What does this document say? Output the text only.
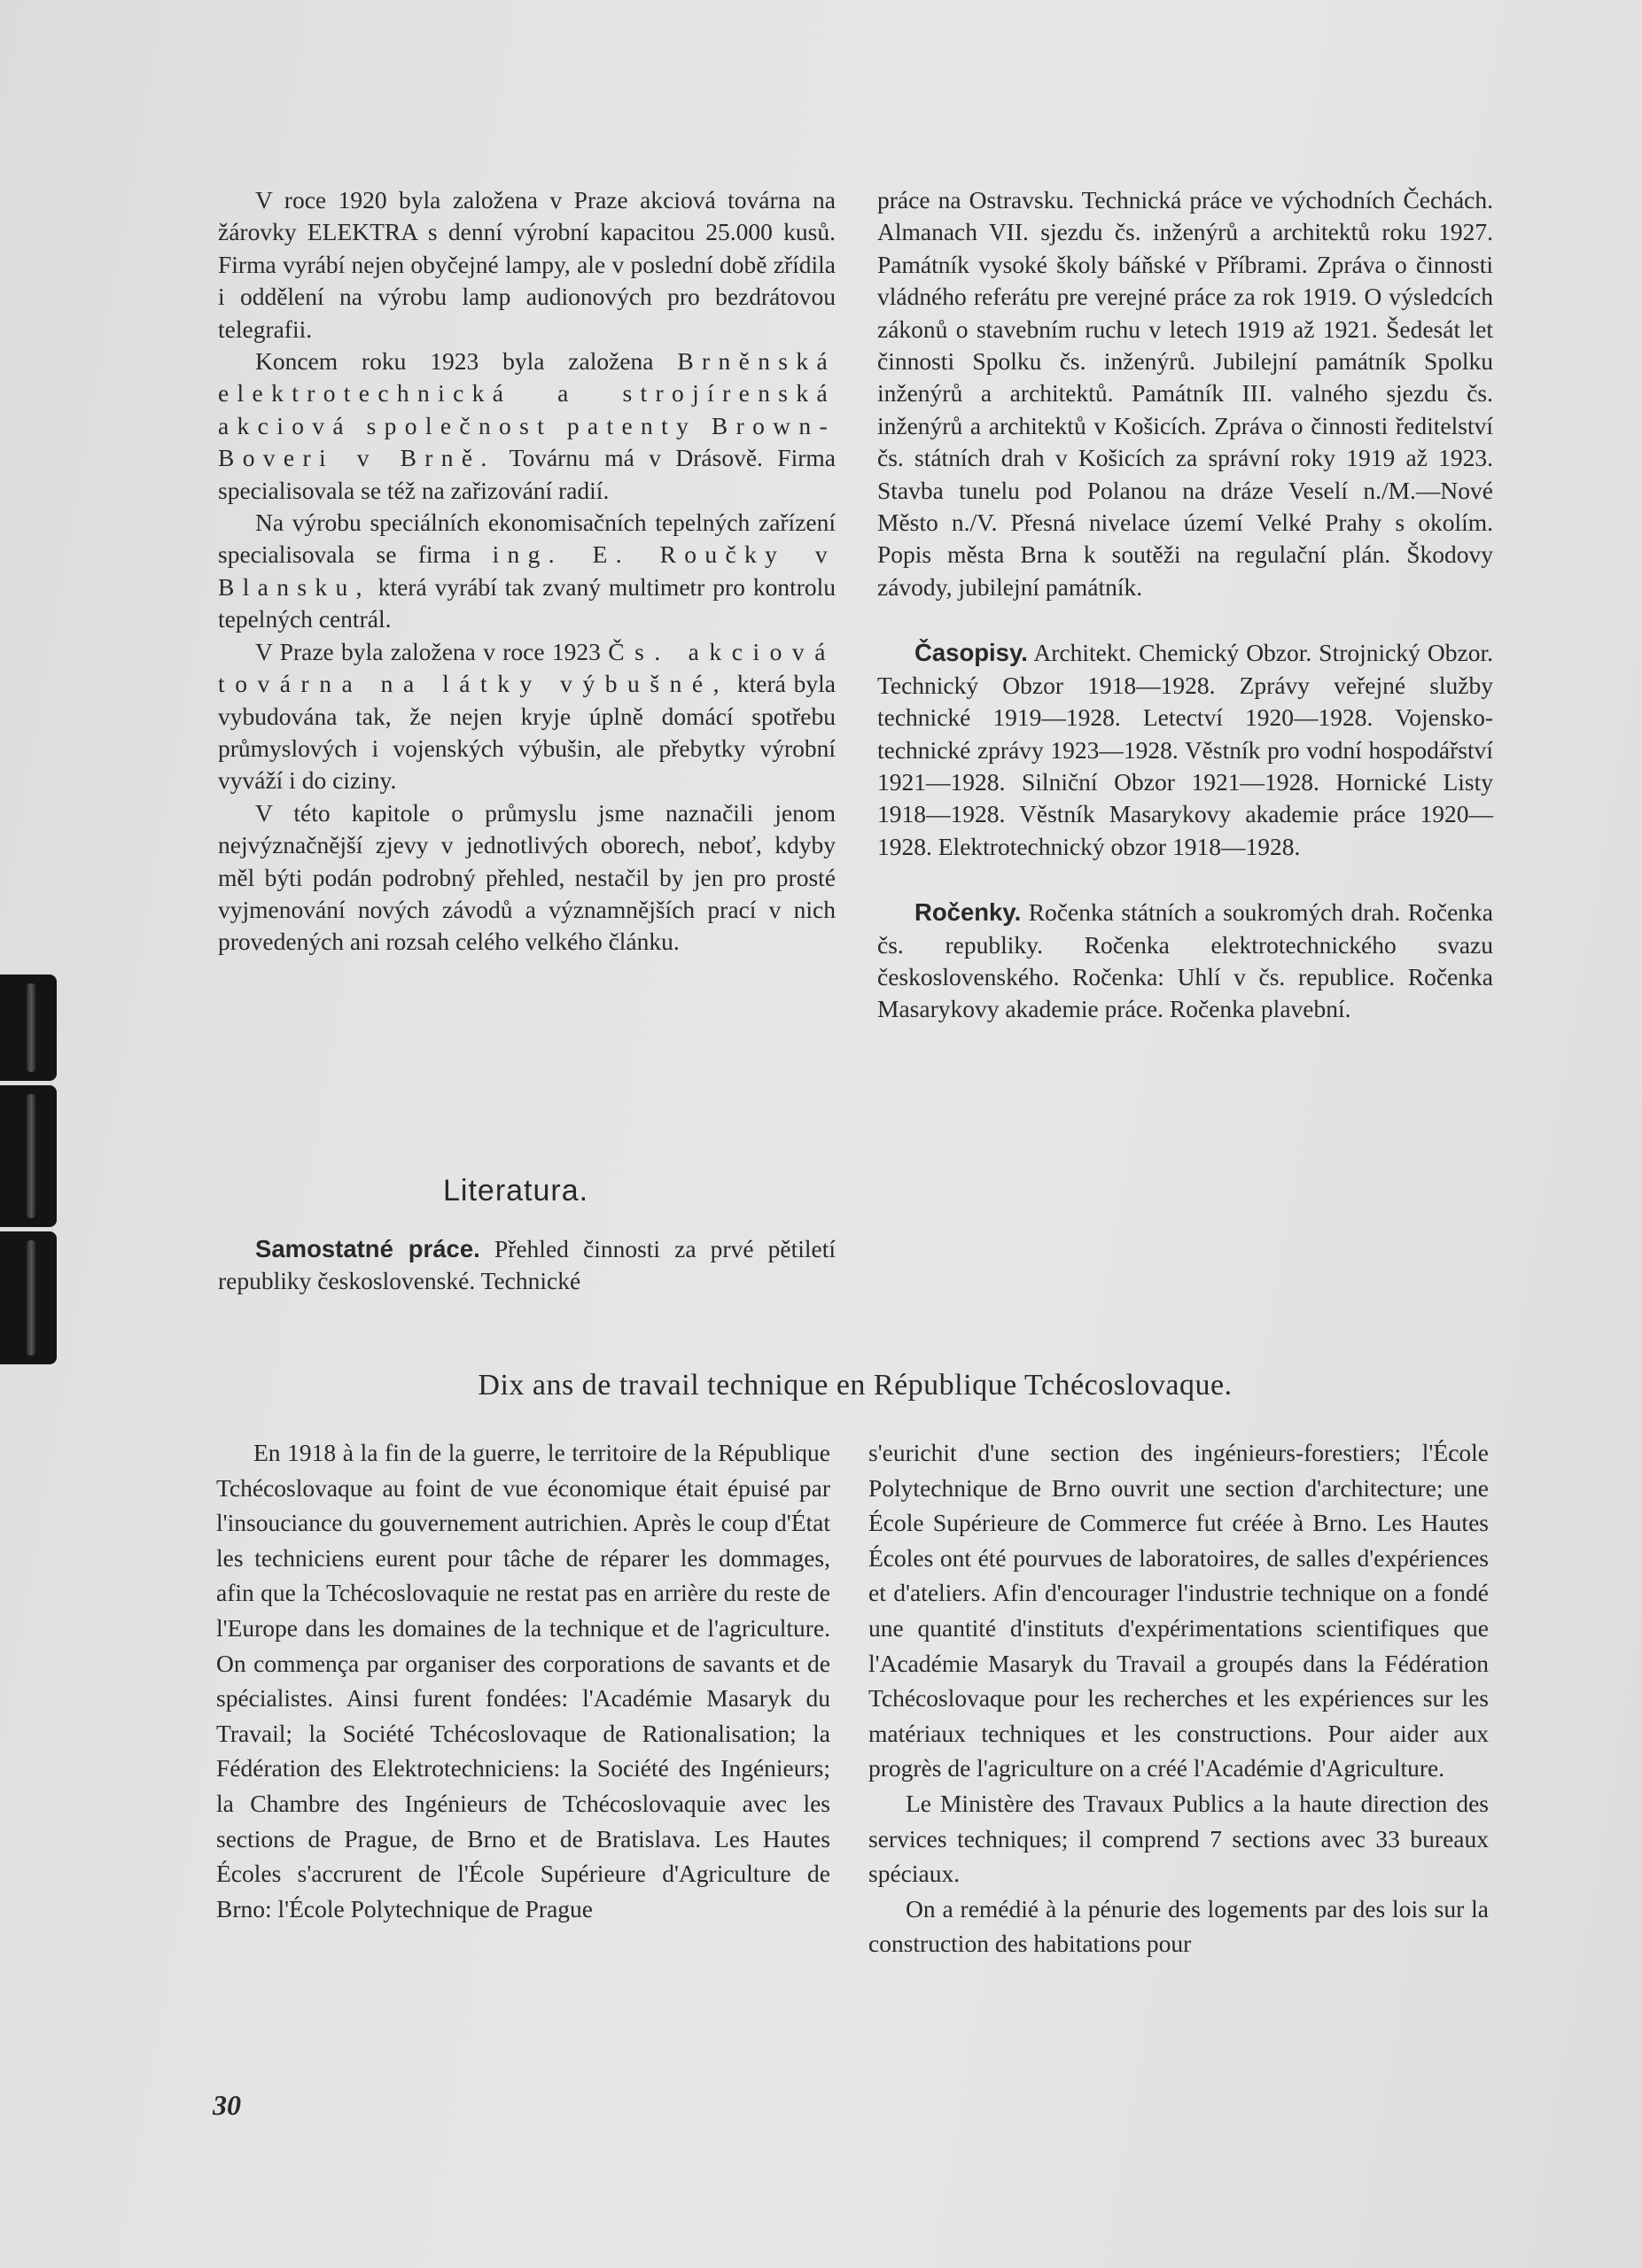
V roce 1920 byla založena v Praze akciová továrna na žárovky ELEKTRA s denní výrobní kapacitou 25.000 kusů. Firma vyrábí nejen obyčejné lampy, ale v poslední době zřídila i oddělení na výrobu lamp audionových pro bezdrátovou telegrafii.

Koncem roku 1923 byla založena Brněnská elektrotechnická a strojírenská akciová společnost patenty Brown-Boveri v Brně. Továrnu má v Drásově. Firma specialisovala se též na zařizování radií.

Na výrobu speciálních ekonomisačních tepelných zařízení specialisovala se firma ing. E. Roučky v Blansku, která vyrábí tak zvaný multimetr pro kontrolu tepelných centrál.

V Praze byla založena v roce 1923 Čs. akciová továrna na látky výbušné, která byla vybudována tak, že nejen kryje úplně domácí spotřebu průmyslových i vojenských výbušin, ale přebytky výrobní vyváží i do ciziny.

V této kapitole o průmyslu jsme naznačili jenom nejvýznačnější zjevy v jednotlivých oborech, neboť, kdyby měl býti podán podrobný přehled, nestačil by jen pro prosté vyjmenování nových závodů a významnějších prací v nich provedených ani rozsah celého velkého článku.

Literatura.

Samostatné práce. Přehled činnosti za prvé pětiletí republiky československé. Technické

práce na Ostravsku. Technická práce ve východních Čechách. Almanach VII. sjezdu čs. inženýrů a architektů roku 1927. Památník vysoké školy báňské v Příbrami. Zpráva o činnosti vládného referátu pre verejné práce za rok 1919. O výsledcích zákonů o stavebním ruchu v letech 1919 až 1921. Šedesát let činnosti Spolku čs. inženýrů. Jubilejní památník Spolku inženýrů a architektů. Památník III. valného sjezdu čs. inženýrů a architektů v Košicích. Zpráva o činnosti ředitelství čs. státních drah v Košicích za správní roky 1919 až 1923. Stavba tunelu pod Polanou na dráze Veselí n./M.—Nové Město n./V. Přesná nivelace území Velké Prahy s okolím. Popis města Brna k soutěži na regulační plán. Škodovy závody, jubilejní památník.

Časopisy. Architekt. Chemický Obzor. Strojnický Obzor. Technický Obzor 1918—1928. Zprávy veřejné služby technické 1919—1928. Letectví 1920—1928. Vojensko-technické zprávy 1923—1928. Věstník pro vodní hospodářství 1921—1928. Silniční Obzor 1921—1928. Hornické Listy 1918—1928. Věstník Masarykovy akademie práce 1920—1928. Elektrotechnický obzor 1918—1928.

Ročenky. Ročenka státních a soukromých drah. Ročenka čs. republiky. Ročenka elektrotechnického svazu československého. Ročenka: Uhlí v čs. republice. Ročenka Masarykovy akademie práce. Ročenka plavební.

Dix ans de travail technique en République Tchécoslovaque.

En 1918 à la fin de la guerre, le territoire de la République Tchécoslovaque au foint de vue économique était épuisé par l'insouciance du gouvernement autrichien. Après le coup d'État les techniciens eurent pour tâche de réparer les dommages, afin que la Tchécoslovaquie ne restat pas en arrière du reste de l'Europe dans les domaines de la technique et de l'agriculture. On commença par organiser des corporations de savants et de spécialistes. Ainsi furent fondées: l'Académie Masaryk du Travail; la Société Tchécoslovaque de Rationalisation; la Fédération des Elektrotechniciens: la Société des Ingénieurs; la Chambre des Ingénieurs de Tchécoslovaquie avec les sections de Prague, de Brno et de Bratislava. Les Hautes Écoles s'accrurent de l'École Supérieure d'Agriculture de Brno: l'École Polytechnique de Prague

s'eurichit d'une section des ingénieurs-forestiers; l'École Polytechnique de Brno ouvrit une section d'architecture; une École Supérieure de Commerce fut créée à Brno. Les Hautes Écoles ont été pourvues de laboratoires, de salles d'expériences et d'ateliers. Afin d'encourager l'industrie technique on a fondé une quantité d'instituts d'expérimentations scientifiques que l'Académie Masaryk du Travail a groupés dans la Fédération Tchécoslovaque pour les recherches et les expériences sur les matériaux techniques et les constructions. Pour aider aux progrès de l'agriculture on a créé l'Académie d'Agriculture.

Le Ministère des Travaux Publics a la haute direction des services techniques; il comprend 7 sections avec 33 bureaux spéciaux.

On a remédié à la pénurie des logements par des lois sur la construction des habitations pour

30
